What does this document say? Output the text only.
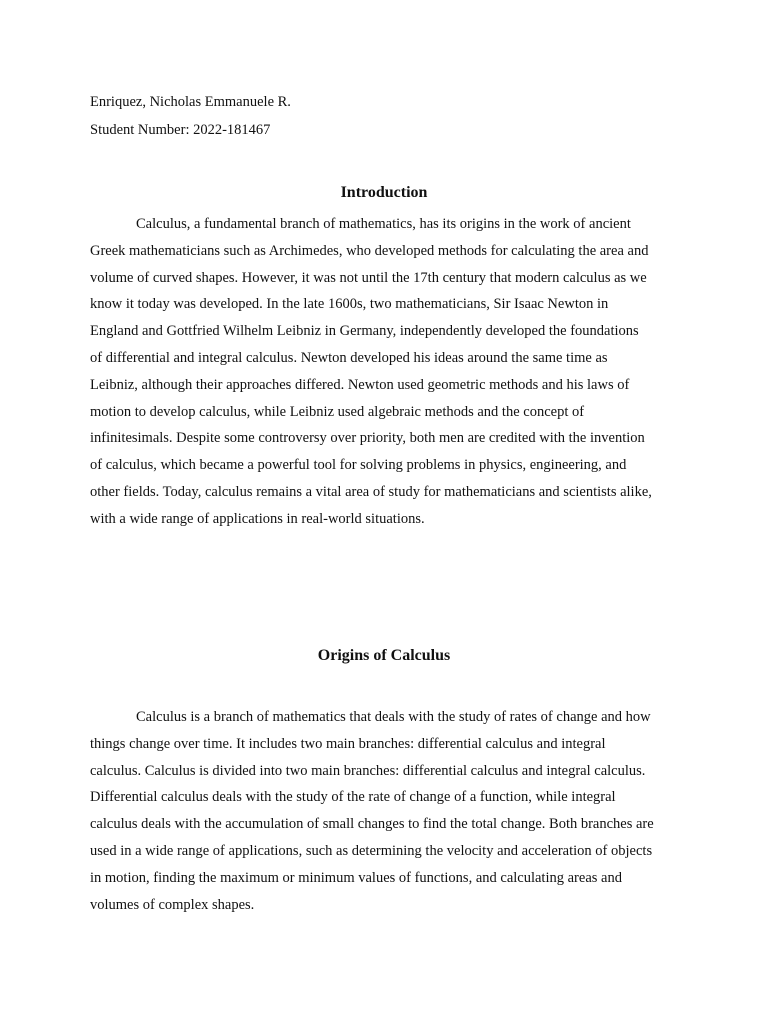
Enriquez, Nicholas Emmanuele R.
Student Number: 2022-181467
Introduction
Calculus, a fundamental branch of mathematics, has its origins in the work of ancient
Greek mathematicians such as Archimedes, who developed methods for calculating the area and
volume of curved shapes. However, it was not until the 17th century that modern calculus as we
know it today was developed. In the late 1600s, two mathematicians, Sir Isaac Newton in
England and Gottfried Wilhelm Leibniz in Germany, independently developed the foundations
of differential and integral calculus. Newton developed his ideas around the same time as
Leibniz, although their approaches differed. Newton used geometric methods and his laws of
motion to develop calculus, while Leibniz used algebraic methods and the concept of
infinitesimals. Despite some controversy over priority, both men are credited with the invention
of calculus, which became a powerful tool for solving problems in physics, engineering, and
other fields. Today, calculus remains a vital area of study for mathematicians and scientists alike,
with a wide range of applications in real-world situations.
Origins of Calculus
Calculus is a branch of mathematics that deals with the study of rates of change and how
things change over time. It includes two main branches: differential calculus and integral
calculus. Calculus is divided into two main branches: differential calculus and integral calculus.
Differential calculus deals with the study of the rate of change of a function, while integral
calculus deals with the accumulation of small changes to find the total change. Both branches are
used in a wide range of applications, such as determining the velocity and acceleration of objects
in motion, finding the maximum or minimum values of functions, and calculating areas and
volumes of complex shapes.
